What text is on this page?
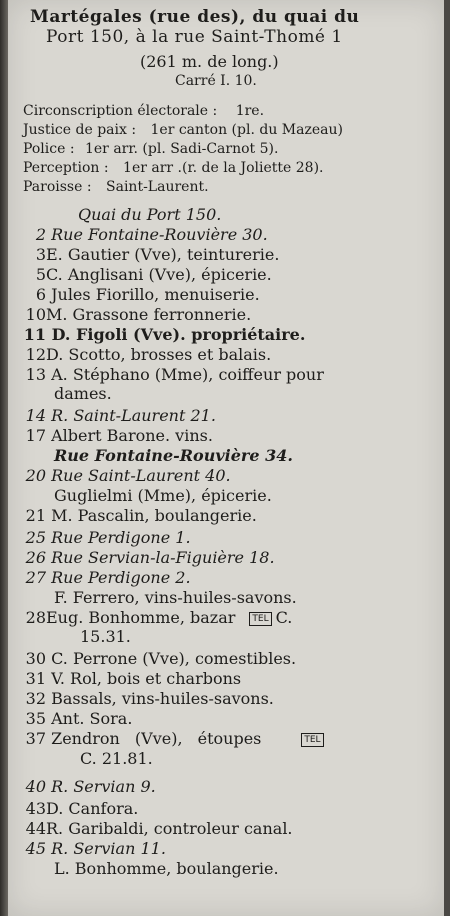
Martégales (rue des), du quai du
Port 150, à la rue Saint-Thomé 1
(261 m. de long.)
Carré I. 10.
Circonscription électorale : 1re.
Justice de paix : 1er canton (pl. du Mazeau)
Police : 1er arr. (pl. Sadi-Carnot 5).
Perception : 1er arr .(r. de la Joliette 28).
Paroisse : Saint-Laurent.
Quai du Port 150.
2 Rue Fontaine-Rouvière 30.
3E. Gautier (Vve), teinturerie.
5C. Anglisani (Vve), épicerie.
6 Jules Fiorillo, menuiserie.
10M. Grassone ferronnerie.
11 D. Figoli (Vve). propriétaire.
12D. Scotto, brosses et balais.
13 A. Stéphano (Mme), coiffeur pour
dames.
14 R. Saint-Laurent 21.
17 Albert Barone. vins.
Rue Fontaine-Rouvière 34.
20 Rue Saint-Laurent 40.
Guglielmi (Mme), épicerie.
21 M. Pascalin, boulangerie.
25 Rue Perdigone 1.
26 Rue Servian-la-Figuière 18.
27 Rue Perdigone 2.
F. Ferrero, vins-huiles-savons.
28Eug. Bonhomme, bazar TEL C.
15.31.
30 C. Perrone (Vve), comestibles.
31 V. Rol, bois et charbons
32 Bassals, vins-huiles-savons.
35 Ant. Sora.
37 Zendron (Vve), étoupes	TEL
C. 21.81.
40 R. Servian 9.
43D. Canfora.
44R. Garibaldi, controleur canal.
45 R. Servian 11.
L. Bonhomme, boulangerie.
